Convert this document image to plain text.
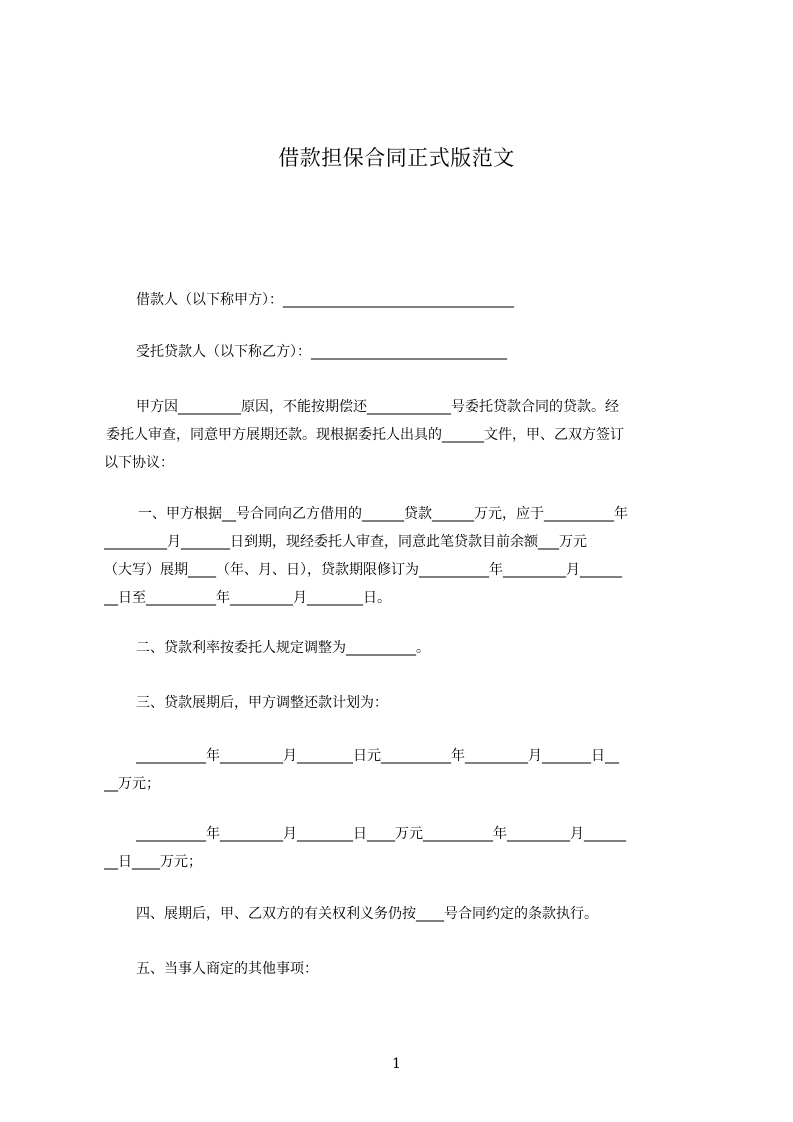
借款担保合同正式版范文
借款人（以下称甲方）：_________________________________
受托贷款人（以下称乙方）：____________________________
甲方因_________原因，不能按期偿还____________号委托贷款合同的贷款。经
委托人审查，同意甲方展期还款。现根据委托人出具的______文件，甲、乙双方签订
以下协议：
一、甲方根据__号合同向乙方借用的______贷款______万元，应于__________年
_________月_______日到期，现经委托人审查，同意此笔贷款目前余额___万元
（大写）展期____（年、月、日），贷款期限修订为__________年_________月______
__日至__________年_________月________日。
二、贷款利率按委托人规定调整为__________。
三、贷款展期后，甲方调整还款计划为：
__________年_________月________日元__________年_________月_______日__
__万元；
__________年_________月________日____万元__________年_________月______
__日____万元；
四、展期后，甲、乙双方的有关权利义务仍按____号合同约定的条款执行。
五、当事人商定的其他事项：
1
